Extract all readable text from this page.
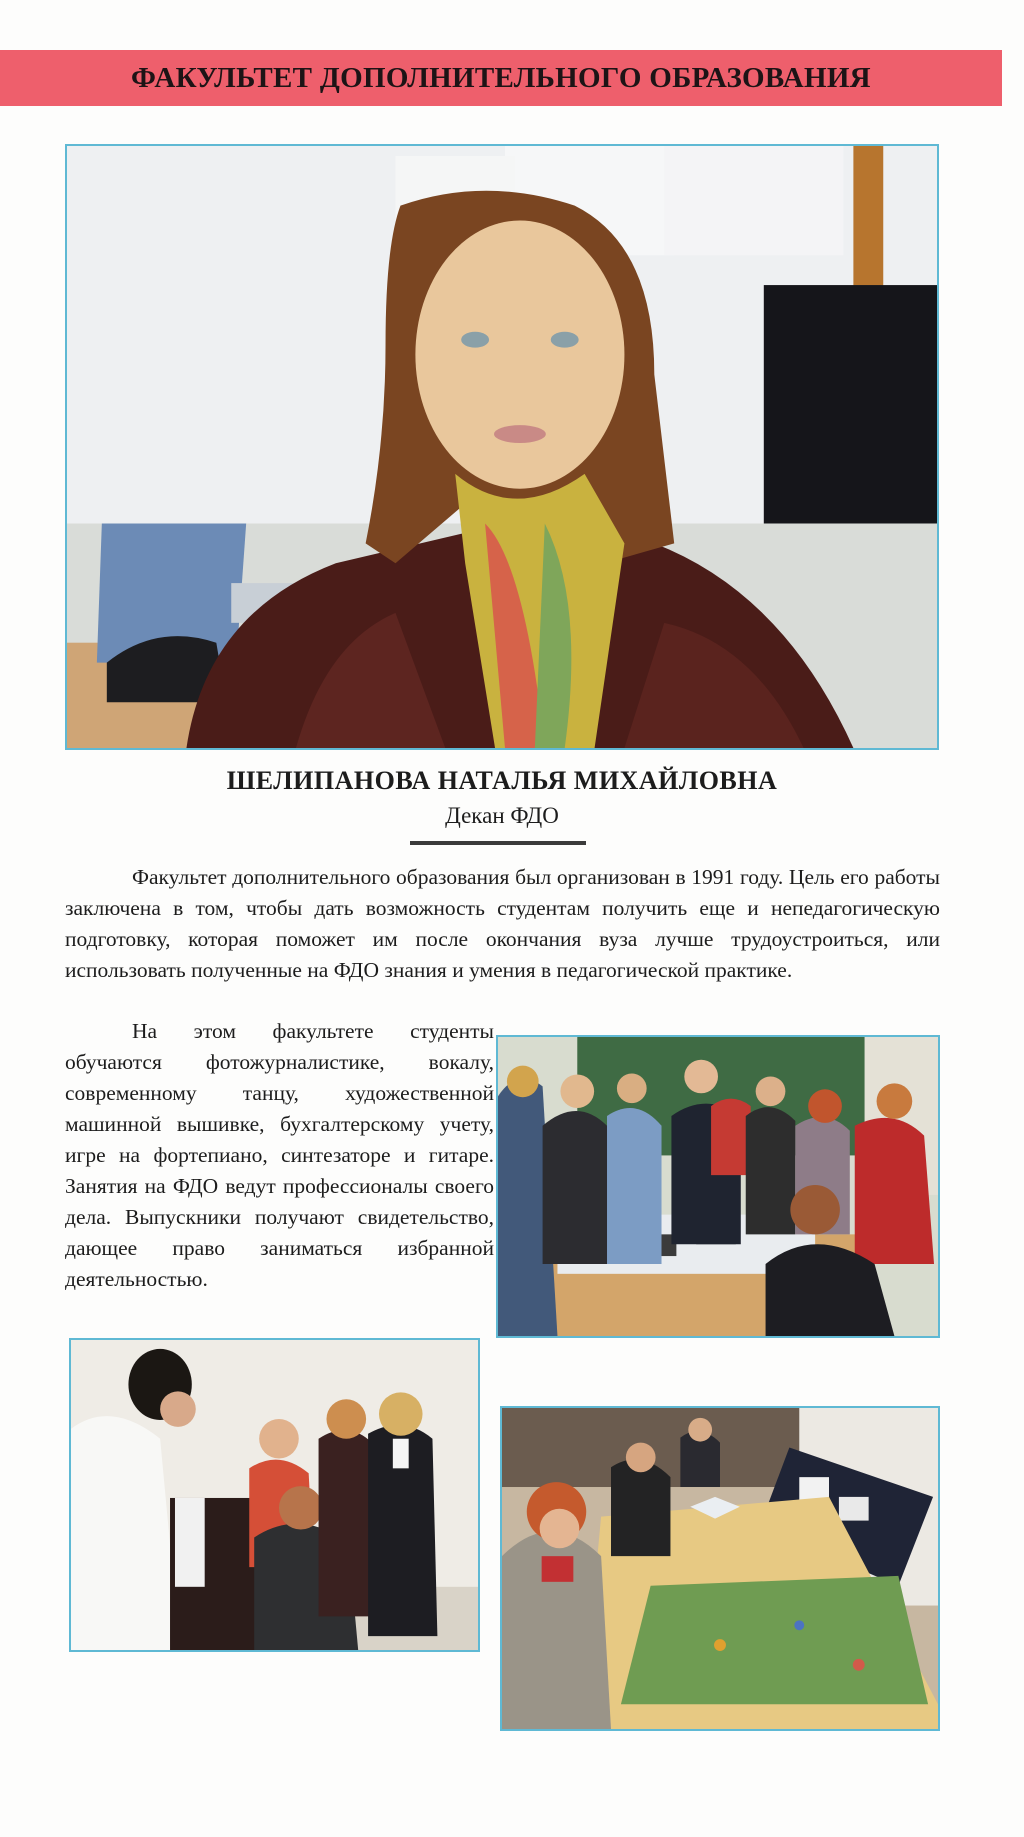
ФАКУЛЬТЕТ ДОПОЛНИТЕЛЬНОГО ОБРАЗОВАНИЯ
ШЕЛИПАНОВА НАТАЛЬЯ МИХАЙЛОВНА
Декан ФДО

Факультет дополнительного образования был организован в 1991 году. Цель его работы заключена в том, чтобы дать возможность студентам получить еще и непедагогическую подготовку, которая поможет им после окончания вуза лучше трудоустроиться, или использовать полученные на ФДО знания и умения в педагогической практике.

На этом факультете студенты обучаются фотожурналистике, вокалу, современному танцу, художественной машинной вышивке, бухгалтерскому учету, игре на фортепиано, синтезаторе и гитаре. Занятия на ФДО ведут профессионалы своего дела. Выпускники получают свидетельство, дающее право заниматься избранной деятельностью.
